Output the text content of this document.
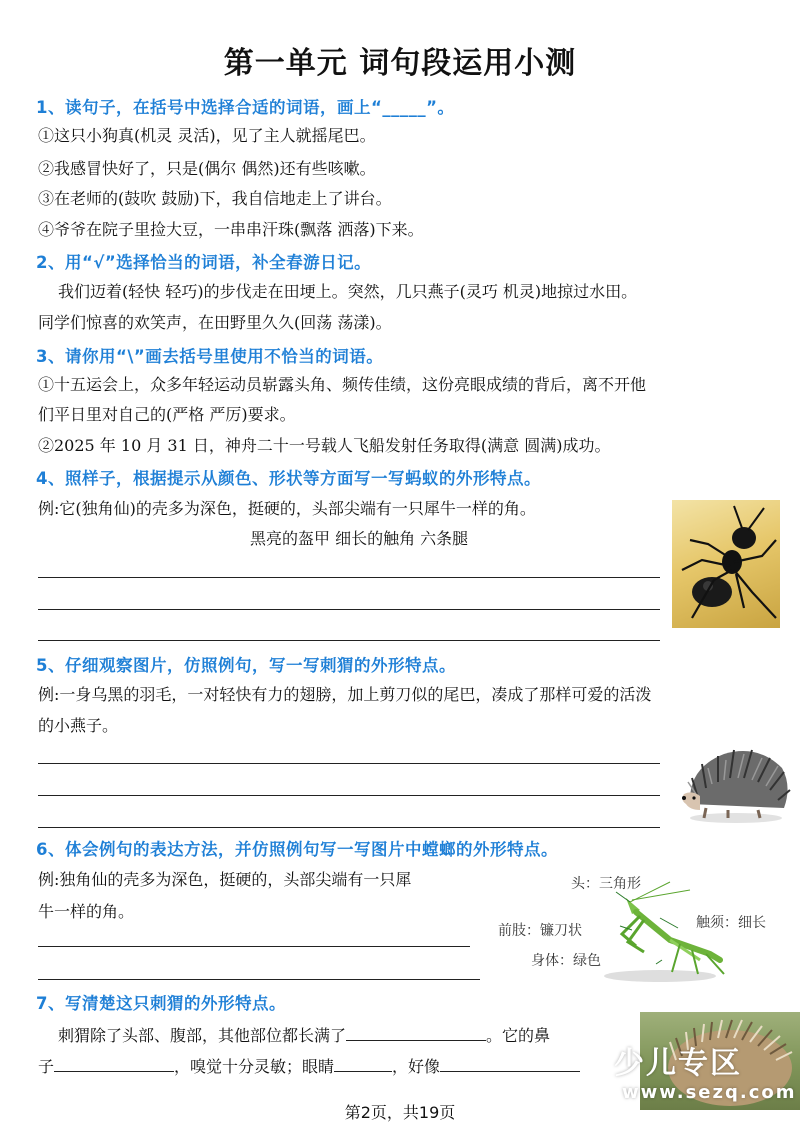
第一单元 词句段运用小测
1、读句子，在括号中选择合适的词语，画上“_____”。
①这只小狗真(机灵 灵活)，见了主人就摇尾巴。
②我感冒快好了，只是(偶尔 偶然)还有些咳嗽。
③在老师的(鼓吹 鼓励)下，我自信地走上了讲台。
④爷爷在院子里捡大豆，一串串汗珠(飘落 洒落)下来。
2、用“√”选择恰当的词语，补全春游日记。
我们迈着(轻快 轻巧)的步伐走在田埂上。突然，几只燕子(灵巧 机灵)地掠过水田。
同学们惊喜的欢笑声，在田野里久久(回荡 荡漾)。
3、请你用“\”画去括号里使用不恰当的词语。
①十五运会上，众多年轻运动员崭露头角、频传佳绩，这份亮眼成绩的背后，离不开他
们平日里对自己的(严格 严厉)要求。
②2025 年 10 月 31 日，神舟二十一号载人飞船发射任务取得(满意 圆满)成功。
4、照样子，根据提示从颜色、形状等方面写一写蚂蚁的外形特点。
例:它(独角仙)的壳多为深色，挺硬的，头部尖端有一只犀牛一样的角。
黑亮的盔甲 细长的触角 六条腿
5、仔细观察图片，仿照例句，写一写刺猬的外形特点。
例:一身乌黑的羽毛，一对轻快有力的翅膀，加上剪刀似的尾巴，凑成了那样可爱的活泼
的小燕子。
6、体会例句的表达方法，并仿照例句写一写图片中螳螂的外形特点。
例:独角仙的壳多为深色，挺硬的，头部尖端有一只犀
牛一样的角。
头：三角形
前肢：镰刀状	触须：细长
身体：绿色
7、写清楚这只刺猬的外形特点。
刺猬除了头部、腹部，其他部位都长满了	。它的鼻
子	，嗅觉十分灵敏；眼睛	，好像	少儿专区
www.sezq.com
第2页，共19页
